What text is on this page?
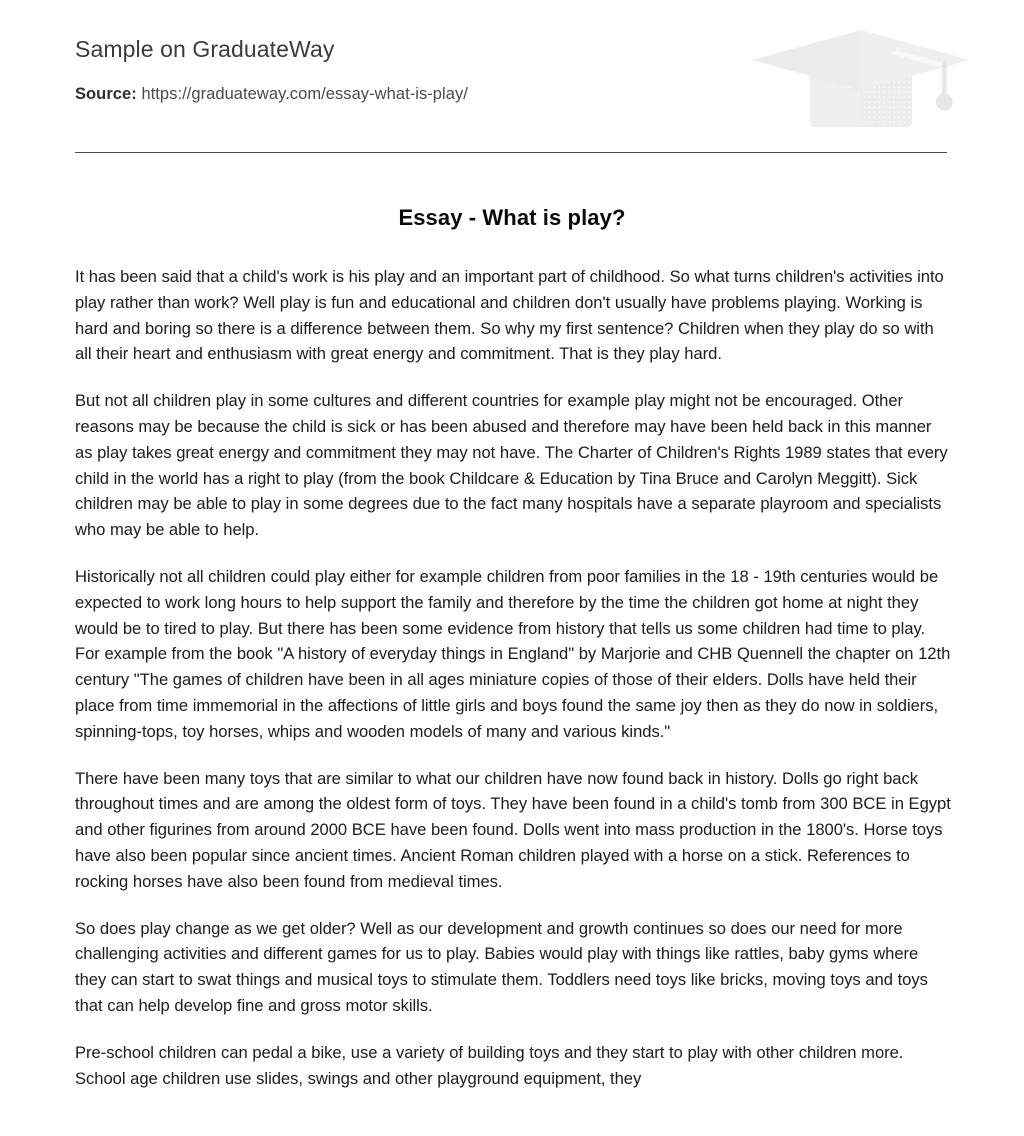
Sample on GraduateWay
Source: https://graduateway.com/essay-what-is-play/
Essay - What is play?

It has been said that a child's work is his play and an important part of childhood. So what turns children's activities into play rather than work? Well play is fun and educational and children don't usually have problems playing. Working is hard and boring so there is a difference between them. So why my first sentence? Children when they play do so with all their heart and enthusiasm with great energy and commitment. That is they play hard.

But not all children play in some cultures and different countries for example play might not be encouraged. Other reasons may be because the child is sick or has been abused and therefore may have been held back in this manner as play takes great energy and commitment they may not have. The Charter of Children's Rights 1989 states that every child in the world has a right to play (from the book Childcare & Education by Tina Bruce and Carolyn Meggitt). Sick children may be able to play in some degrees due to the fact many hospitals have a separate playroom and specialists who may be able to help.

Historically not all children could play either for example children from poor families in the 18 - 19th centuries would be expected to work long hours to help support the family and therefore by the time the children got home at night they would be to tired to play. But there has been some evidence from history that tells us some children had time to play. For example from the book "A history of everyday things in England" by Marjorie and CHB Quennell the chapter on 12th century "The games of children have been in all ages miniature copies of those of their elders. Dolls have held their place from time immemorial in the affections of little girls and boys found the same joy then as they do now in soldiers, spinning-tops, toy horses, whips and wooden models of many and various kinds."

There have been many toys that are similar to what our children have now found back in history. Dolls go right back throughout times and are among the oldest form of toys. They have been found in a child's tomb from 300 BCE in Egypt and other figurines from around 2000 BCE have been found. Dolls went into mass production in the 1800's. Horse toys have also been popular since ancient times. Ancient Roman children played with a horse on a stick. References to rocking horses have also been found from medieval times.

So does play change as we get older? Well as our development and growth continues so does our need for more challenging activities and different games for us to play. Babies would play with things like rattles, baby gyms where they can start to swat things and musical toys to stimulate them. Toddlers need toys like bricks, moving toys and toys that can help develop fine and gross motor skills.

Pre-school children can pedal a bike, use a variety of building toys and they start to play with other children more. School age children use slides, swings and other playground equipment, they
